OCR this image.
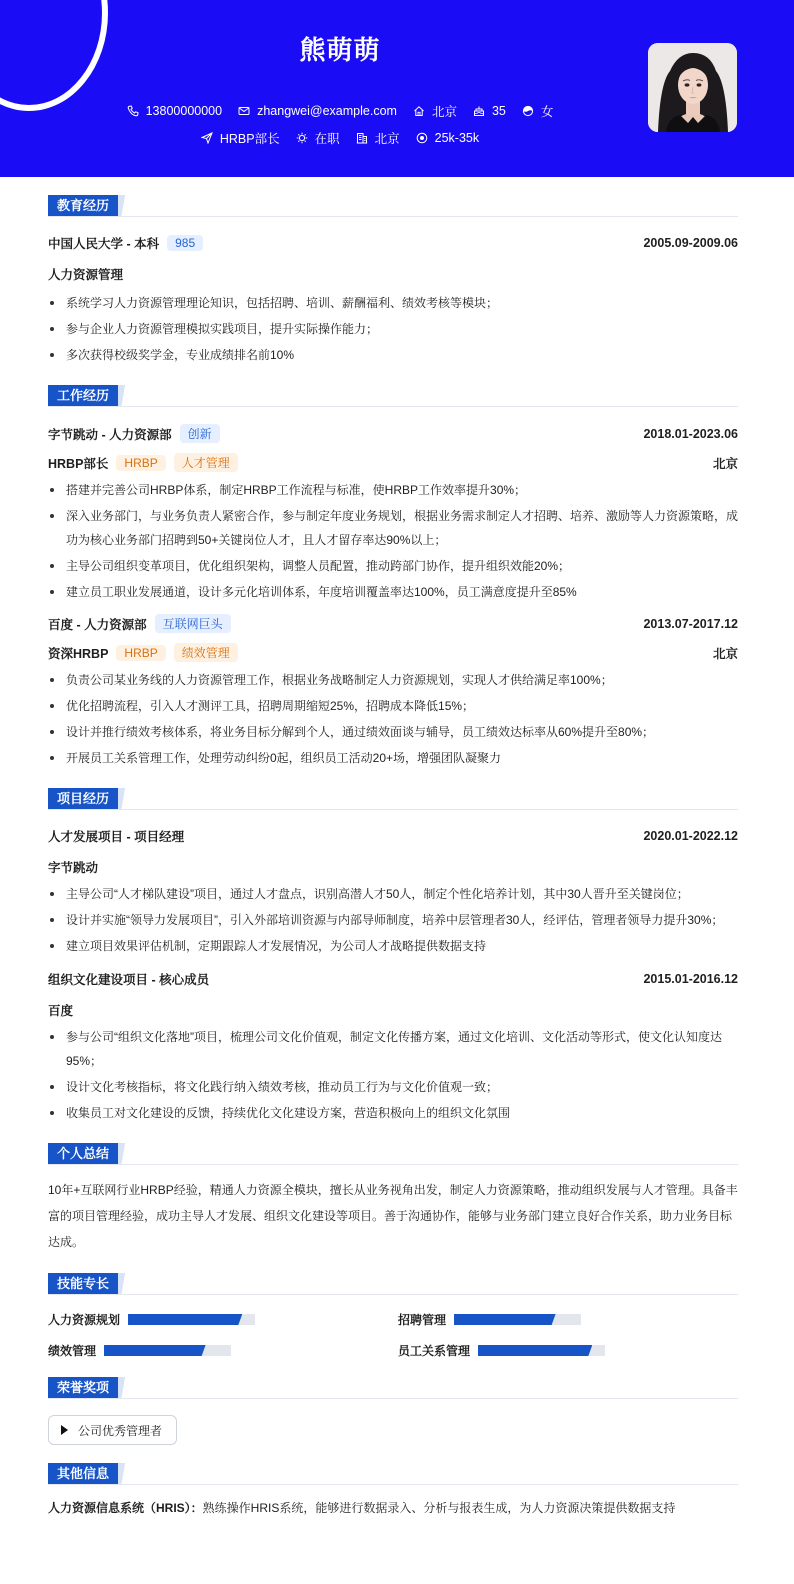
熊萌萌
13800000000	zhangwei@example.com	北京	35	女
HRBP部长	在职	北京	25k-35k
教育经历
中国人民大学 - 本科	985	2005.09-2009.06
人力资源管理
系统学习人力资源管理理论知识，包括招聘、培训、薪酬福利、绩效考核等模块；
参与企业人力资源管理模拟实践项目，提升实际操作能力；
多次获得校级奖学金，专业成绩排名前10%
工作经历
字节跳动 - 人力资源部	创新	2018.01-2023.06
HRBP部长	HRBP	人才管理	北京
搭建并完善公司HRBP体系，制定HRBP工作流程与标准，使HRBP工作效率提升30%；
深入业务部门，与业务负责人紧密合作，参与制定年度业务规划，根据业务需求制定人才招聘、培养、激励等人力资源策略，成功为核心业务部门招聘到50+关键岗位人才，且人才留存率达90%以上；
主导公司组织变革项目，优化组织架构，调整人员配置，推动跨部门协作，提升组织效能20%；
建立员工职业发展通道，设计多元化培训体系，年度培训覆盖率达100%，员工满意度提升至85%
百度 - 人力资源部	互联网巨头	2013.07-2017.12
资深HRBP	HRBP	绩效管理	北京
负责公司某业务线的人力资源管理工作，根据业务战略制定人力资源规划，实现人才供给满足率100%；
优化招聘流程，引入人才测评工具，招聘周期缩短25%，招聘成本降低15%；
设计并推行绩效考核体系，将业务目标分解到个人，通过绩效面谈与辅导，员工绩效达标率从60%提升至80%；
开展员工关系管理工作，处理劳动纠纷0起，组织员工活动20+场，增强团队凝聚力
项目经历
人才发展项目 - 项目经理	2020.01-2022.12
字节跳动
主导公司“人才梯队建设”项目，通过人才盘点，识别高潜人才50人，制定个性化培养计划，其中30人晋升至关键岗位；
设计并实施“领导力发展项目”，引入外部培训资源与内部导师制度，培养中层管理者30人，经评估，管理者领导力提升30%；
建立项目效果评估机制，定期跟踪人才发展情况，为公司人才战略提供数据支持
组织文化建设项目 - 核心成员	2015.01-2016.12
百度
参与公司“组织文化落地”项目，梳理公司文化价值观，制定文化传播方案，通过文化培训、文化活动等形式，使文化认知度达95%；
设计文化考核指标，将文化践行纳入绩效考核，推动员工行为与文化价值观一致；
收集员工对文化建设的反馈，持续优化文化建设方案，营造积极向上的组织文化氛围
个人总结
10年+互联网行业HRBP经验，精通人力资源全模块，擅长从业务视角出发，制定人力资源策略，推动组织发展与人才管理。具备丰富的项目管理经验，成功主导人才发展、组织文化建设等项目。善于沟通协作，能够与业务部门建立良好合作关系，助力业务目标达成。
技能专长
人力资源规划	招聘管理
绩效管理	员工关系管理
荣誉奖项
公司优秀管理者
其他信息
人力资源信息系统（HRIS）：熟练操作HRIS系统，能够进行数据录入、分析与报表生成，为人力资源决策提供数据支持
